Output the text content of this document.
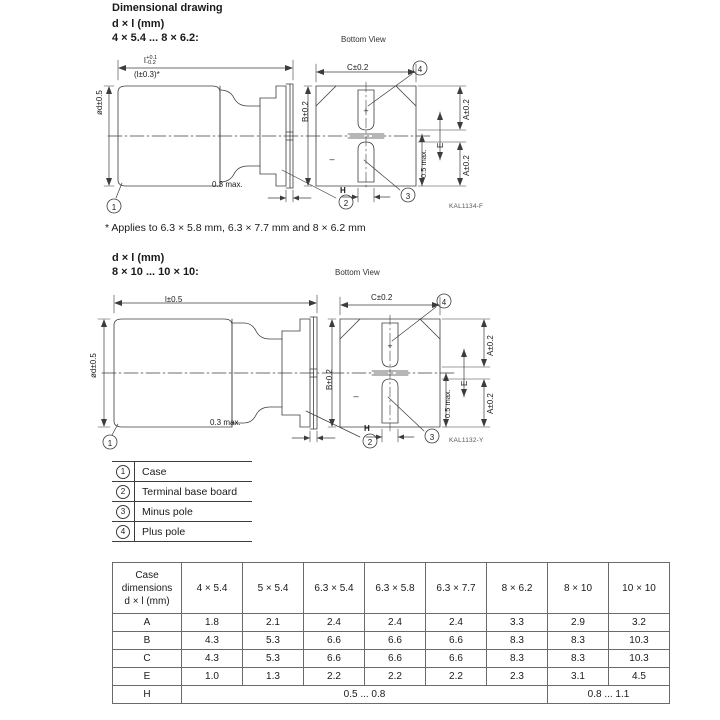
Dimensional drawing
d × l (mm)
4 × 5.4 ... 8 × 6.2:	Bottom View
1	2
3
4
+
–
l +0.1
-0.2
(l±0.3)*
ød±0.5
0.3 max.
B±0.2
C±0.2
H
A±0.2
A±0.2
E
0.5 max.
KAL1134-F
* Applies to 6.3 × 5.8 mm, 6.3 × 7.7 mm and 8 × 6.2 mm
d × l (mm)
8 × 10 ... 10 × 10:	Bottom View
1	2
3
4
+
–
l±0.5
ød±0.5
0.3 max.
B±0.2
C±0.2
H
A±0.2
A±0.2
E
0.5 max.
KAL1132-Y
1	Case
2	Terminal base board
3	Minus pole
4	Plus pole
Case
dimensions
d × l (mm)	4 × 5.4	5 × 5.4	6.3 × 5.4	6.3 × 5.8	6.3 × 7.7	8 × 6.2	8 × 10	10 × 10
A	1.8	2.1	2.4	2.4	2.4	3.3	2.9	3.2
B	4.3	5.3	6.6	6.6	6.6	8.3	8.3	10.3
C	4.3	5.3	6.6	6.6	6.6	8.3	8.3	10.3
E	1.0	1.3	2.2	2.2	2.2	2.3	3.1	4.5
H	0.5 ... 0.8						0.8 ... 1.1	
